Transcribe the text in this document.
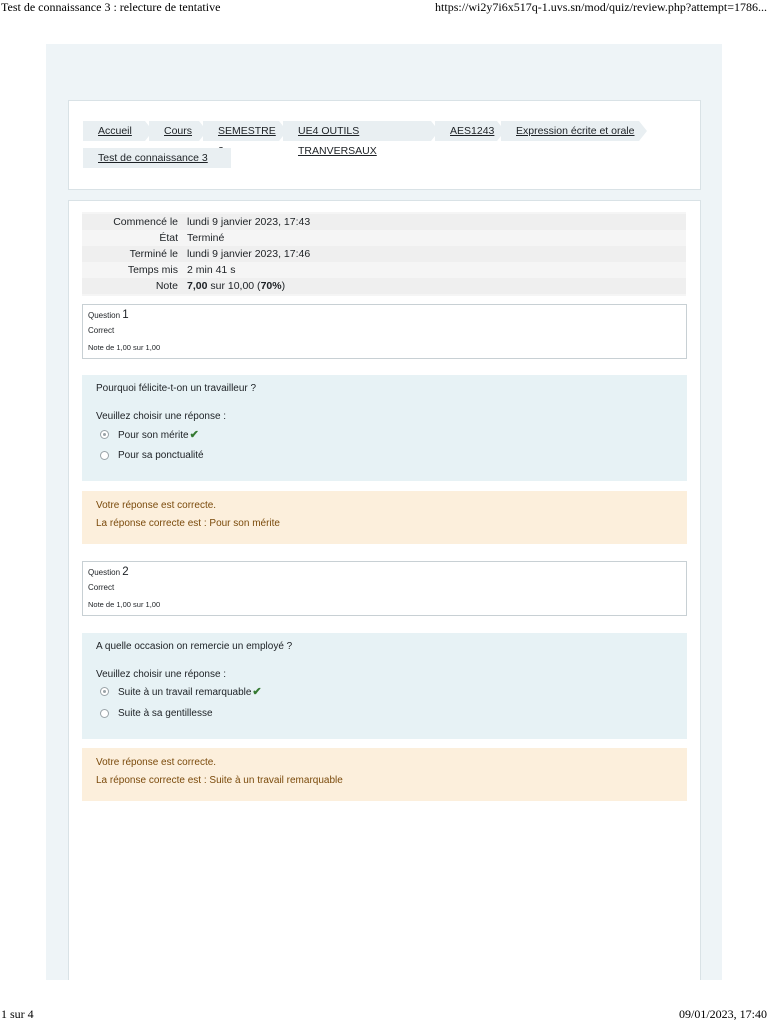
Test de connaissance 3 : relecture de tentative	https://wi2y7i6x517q-1.uvs.sn/mod/quiz/review.php?attempt=1786...
Accueil	Cours	SEMESTRE	UE4 OUTILS TRANVERSAUX
AES1243	Expression écrite et orale
Test de connaissance 3
Commencé le lundi 9 janvier 2023, 17:43
État Terminé
Terminé le lundi 9 janvier 2023, 17:46
Temps mis 2 min 41 s
Note 7,00 sur 10,00 (70%)
Question 1
Correct
Note de 1,00 sur 1,00
Pourquoi félicite-t-on un travailleur ?
Veuillez choisir une réponse :
Pour son mérite✔
Pour sa ponctualité
Votre réponse est correcte.
La réponse correcte est : Pour son mérite
Question 2
Correct
Note de 1,00 sur 1,00
A quelle occasion on remercie un employé ?
Veuillez choisir une réponse :
Suite à un travail remarquable✔
Suite à sa gentillesse
Votre réponse est correcte.
La réponse correcte est : Suite à un travail remarquable
1 sur 4	09/01/2023, 17:40
